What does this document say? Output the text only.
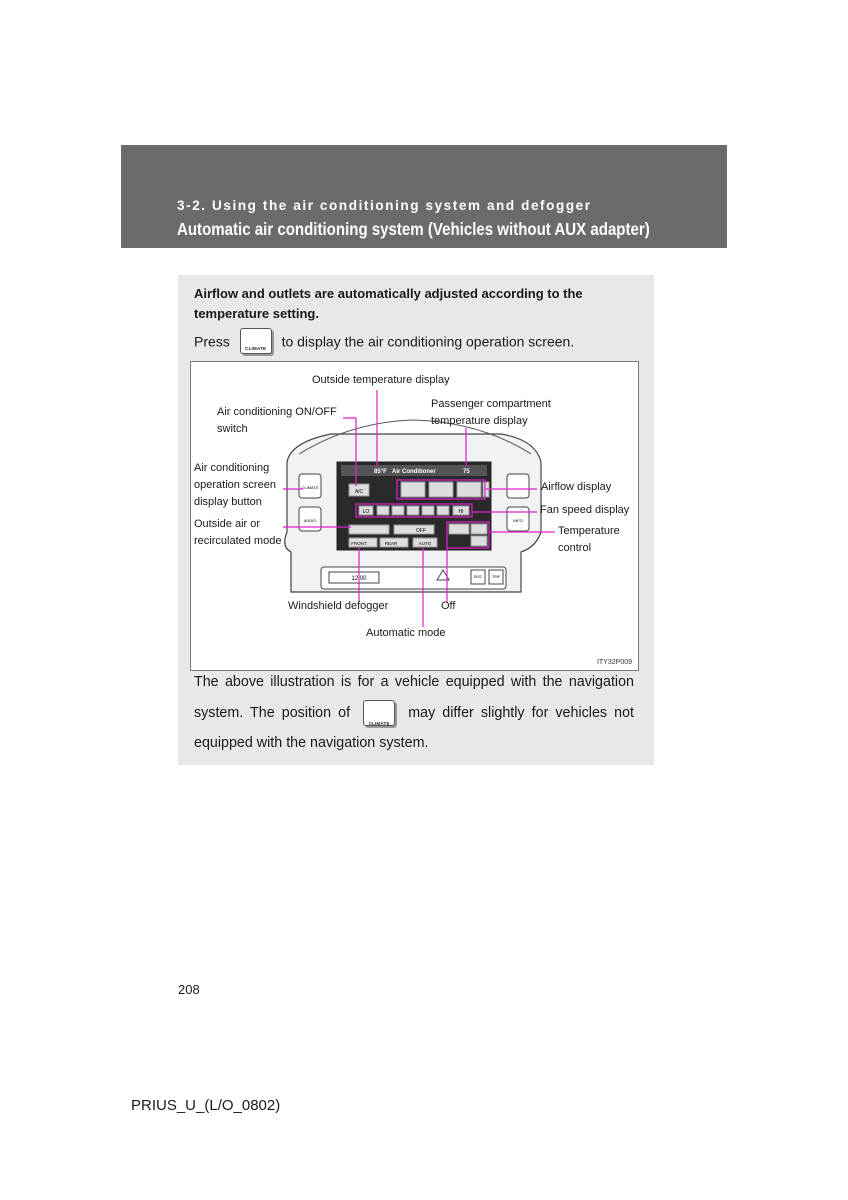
3-2. Using the air conditioning system and defogger
Automatic air conditioning system (Vehicles without AUX adapter)
Airflow and outlets are automatically adjusted according to the temperature setting.
Press	CLIMATE	to display the air conditioning operation screen.
CLIMATE
AUDIO	INFO
85°F Air Conditioner	75
A/C
LO	HI
OFF
FRONT	REAR	AUTO
12:00	DISC	TRIP
Outside temperature display
Air conditioning ON/OFF
switch
Passenger compartment
temperature display
Air conditioning
operation screen
display button
Airflow display
Fan speed display
Outside air or
recirculated mode
Temperature
control
Windshield defogger	Off
Automatic mode
ITY32P009
The above illustration is for a vehicle equipped with the navigation system. The position of
CLIMATE
may differ slightly for vehicles not equipped with the navigation system.
208
PRIUS_U_(L/O_0802)
